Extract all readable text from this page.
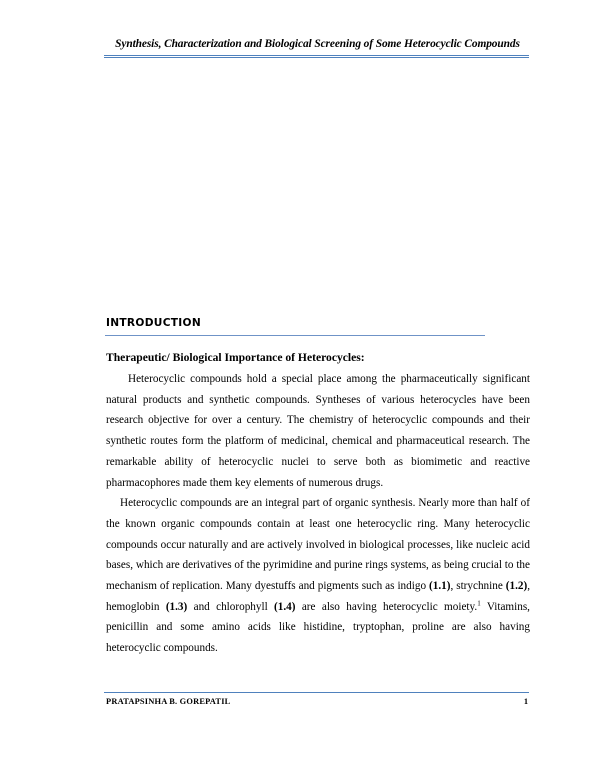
Synthesis, Characterization and Biological Screening of Some Heterocyclic Compounds
INTRODUCTION
Therapeutic/ Biological Importance of Heterocycles:

Heterocyclic compounds hold a special place among the pharmaceutically significant natural products and synthetic compounds. Syntheses of various heterocycles have been research objective for over a century. The chemistry of heterocyclic compounds and their synthetic routes form the platform of medicinal, chemical and pharmaceutical research. The remarkable ability of heterocyclic nuclei to serve both as biomimetic and reactive pharmacophores made them key elements of numerous drugs.

Heterocyclic compounds are an integral part of organic synthesis. Nearly more than half of the known organic compounds contain at least one heterocyclic ring. Many heterocyclic compounds occur naturally and are actively involved in biological processes, like nucleic acid bases, which are derivatives of the pyrimidine and purine rings systems, as being crucial to the mechanism of replication. Many dyestuffs and pigments such as indigo (1.1), strychnine (1.2), hemoglobin (1.3) and chlorophyll (1.4) are also having heterocyclic moiety.$^1$ Vitamins, penicillin and some amino acids like histidine, tryptophan, proline are also having heterocyclic compounds.

PRATAPSINHA B. GOREPATIL	1
